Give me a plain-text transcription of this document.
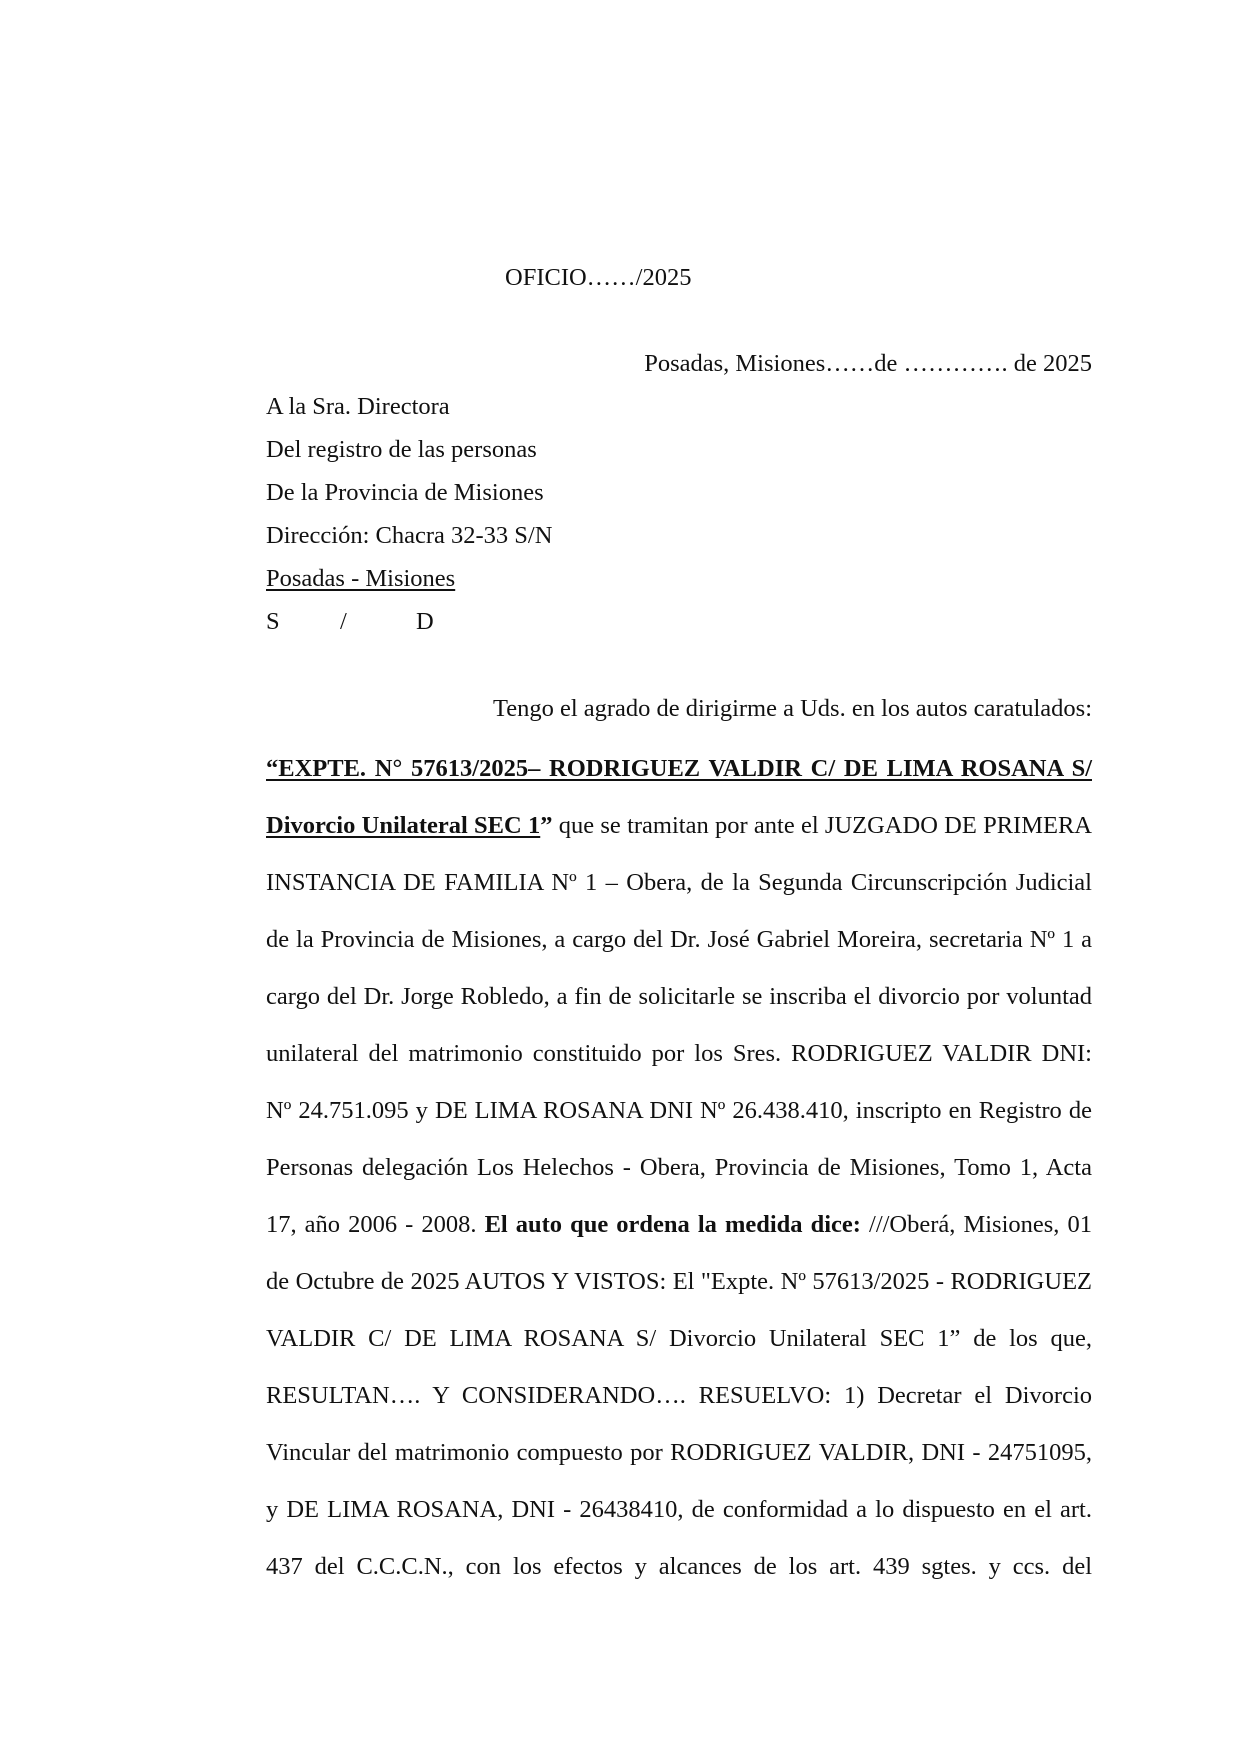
OFICIO……/2025
Posadas, Misiones……de …………. de 2025
A la Sra. Directora
Del registro de las personas
De la Provincia de Misiones
Dirección: Chacra 32-33 S/N
Posadas - Misiones
S /	D
Tengo el agrado de dirigirme a Uds. en los autos caratulados:
“EXPTE. N° 57613/2025– RODRIGUEZ VALDIR C/ DE LIMA ROSANA S/
Divorcio Unilateral SEC 1” que se tramitan por ante el JUZGADO DE PRIMERA
INSTANCIA DE FAMILIA Nº 1 – Obera, de la Segunda Circunscripción Judicial
de la Provincia de Misiones, a cargo del Dr. José Gabriel Moreira, secretaria Nº 1 a
cargo del Dr. Jorge Robledo, a fin de solicitarle se inscriba el divorcio por voluntad
unilateral del matrimonio constituido por los Sres. RODRIGUEZ VALDIR DNI:
Nº 24.751.095 y DE LIMA ROSANA DNI Nº 26.438.410, inscripto en Registro de
Personas delegación Los Helechos - Obera, Provincia de Misiones, Tomo 1, Acta
17, año 2006 - 2008. El auto que ordena la medida dice: ///Oberá, Misiones, 01
de Octubre de 2025 AUTOS Y VISTOS: El "Expte. Nº 57613/2025 - RODRIGUEZ
VALDIR C/ DE LIMA ROSANA S/ Divorcio Unilateral SEC 1” de los que,
RESULTAN…. Y CONSIDERANDO…. RESUELVO: 1) Decretar el Divorcio
Vincular del matrimonio compuesto por RODRIGUEZ VALDIR, DNI - 24751095,
y DE LIMA ROSANA, DNI - 26438410, de conformidad a lo dispuesto en el art.
437 del C.C.C.N., con los efectos y alcances de los art. 439 sgtes. y ccs. del
